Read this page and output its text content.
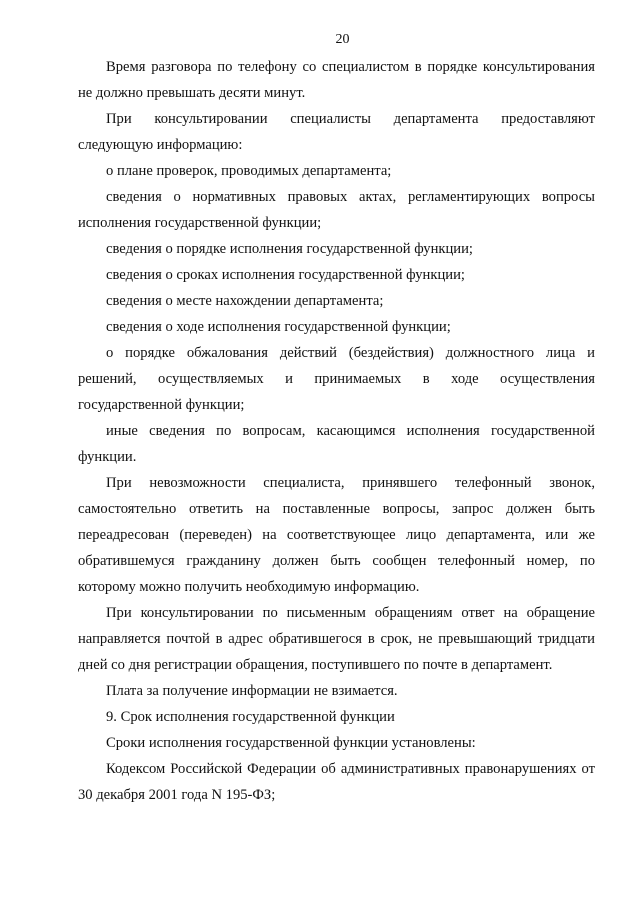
20

Время разговора по телефону со специалистом в порядке консультирования не должно превышать десяти минут.

При консультировании специалисты департамента предоставляют следующую информацию:

о плане проверок, проводимых департамента;

сведения о нормативных правовых актах, регламентирующих вопросы исполнения государственной функции;

сведения о порядке исполнения государственной функции;

сведения о сроках исполнения государственной функции;

сведения о месте нахождении департамента;

сведения о ходе исполнения государственной функции;

о порядке обжалования действий (бездействия) должностного лица и решений, осуществляемых и принимаемых в ходе осуществления государственной функции;

иные сведения по вопросам, касающимся исполнения государственной функции.

При невозможности специалиста, принявшего телефонный звонок, самостоятельно ответить на поставленные вопросы, запрос должен быть переадресован (переведен) на соответствующее лицо департамента, или же обратившемуся гражданину должен быть сообщен телефонный номер, по которому можно получить необходимую информацию.

При консультировании по письменным обращениям ответ на обращение направляется почтой в адрес обратившегося в срок, не превышающий тридцати дней со дня регистрации обращения, поступившего по почте в департамент.

Плата за получение информации не взимается.

9. Срок исполнения государственной функции

Сроки исполнения государственной функции установлены:

Кодексом Российской Федерации об административных правонарушениях от 30 декабря 2001 года N 195-ФЗ;
